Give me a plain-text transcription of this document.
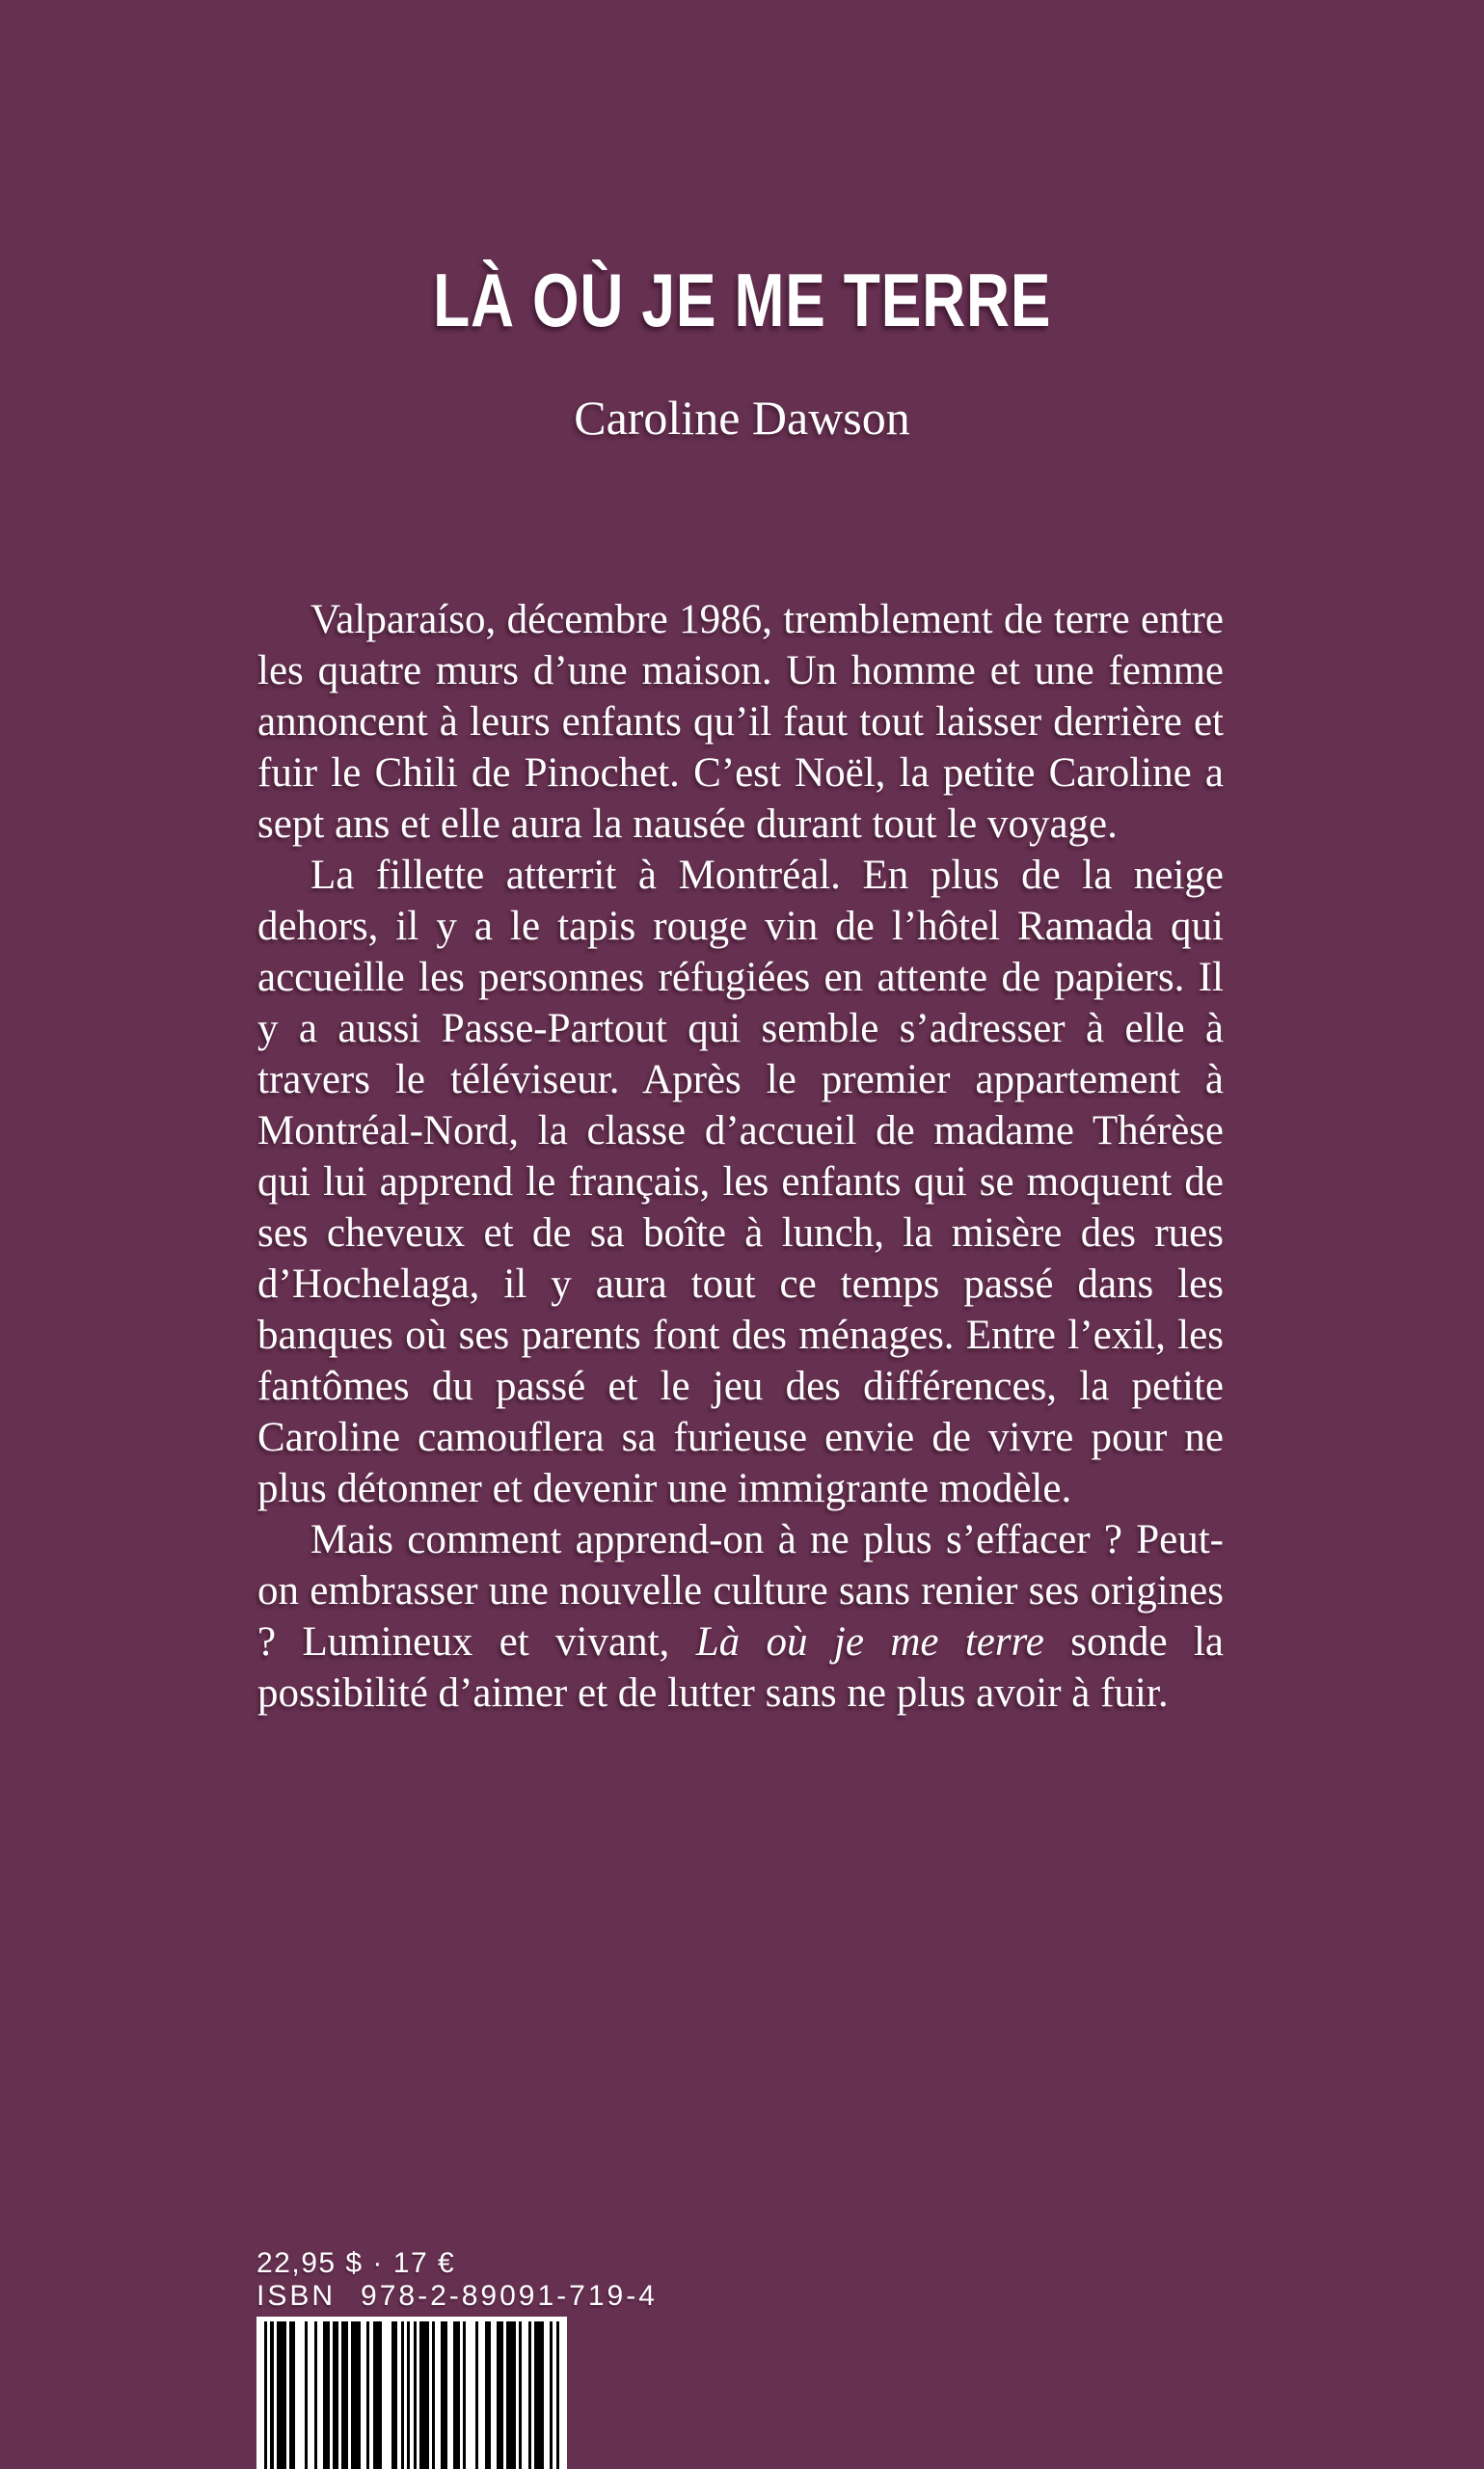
LÀ OÙ JE ME TERRE
Caroline Dawson

Valparaíso, décembre 1986, tremblement de terre entre les quatre murs d’une maison. Un homme et une femme annoncent à leurs enfants qu’il faut tout laisser derrière et fuir le Chili de Pinochet. C’est Noël, la petite Caroline a sept ans et elle aura la nausée durant tout le voyage.

La fillette atterrit à Montréal. En plus de la neige dehors, il y a le tapis rouge vin de l’hôtel Ramada qui accueille les personnes réfugiées en attente de papiers. Il y a aussi Passe-Partout qui semble s’adresser à elle à travers le téléviseur. Après le premier appartement à Montréal-Nord, la classe d’accueil de madame Thérèse qui lui apprend le français, les enfants qui se moquent de ses cheveux et de sa boîte à lunch, la misère des rues d’Hochelaga, il y aura tout ce temps passé dans les banques où ses parents font des ménages. Entre l’exil, les fantômes du passé et le jeu des différences, la petite Caroline camouflera sa furieuse envie de vivre pour ne plus détonner et devenir une immigrante modèle.

Mais comment apprend-on à ne plus s’effacer ? Peut-on embrasser une nouvelle culture sans renier ses origines ? Lumineux et vivant, Là où je me terre sonde la possibilité d’aimer et de lutter sans ne plus avoir à fuir.

22,95 $ · 17 €
ISBN 978-2-89091-719-4
